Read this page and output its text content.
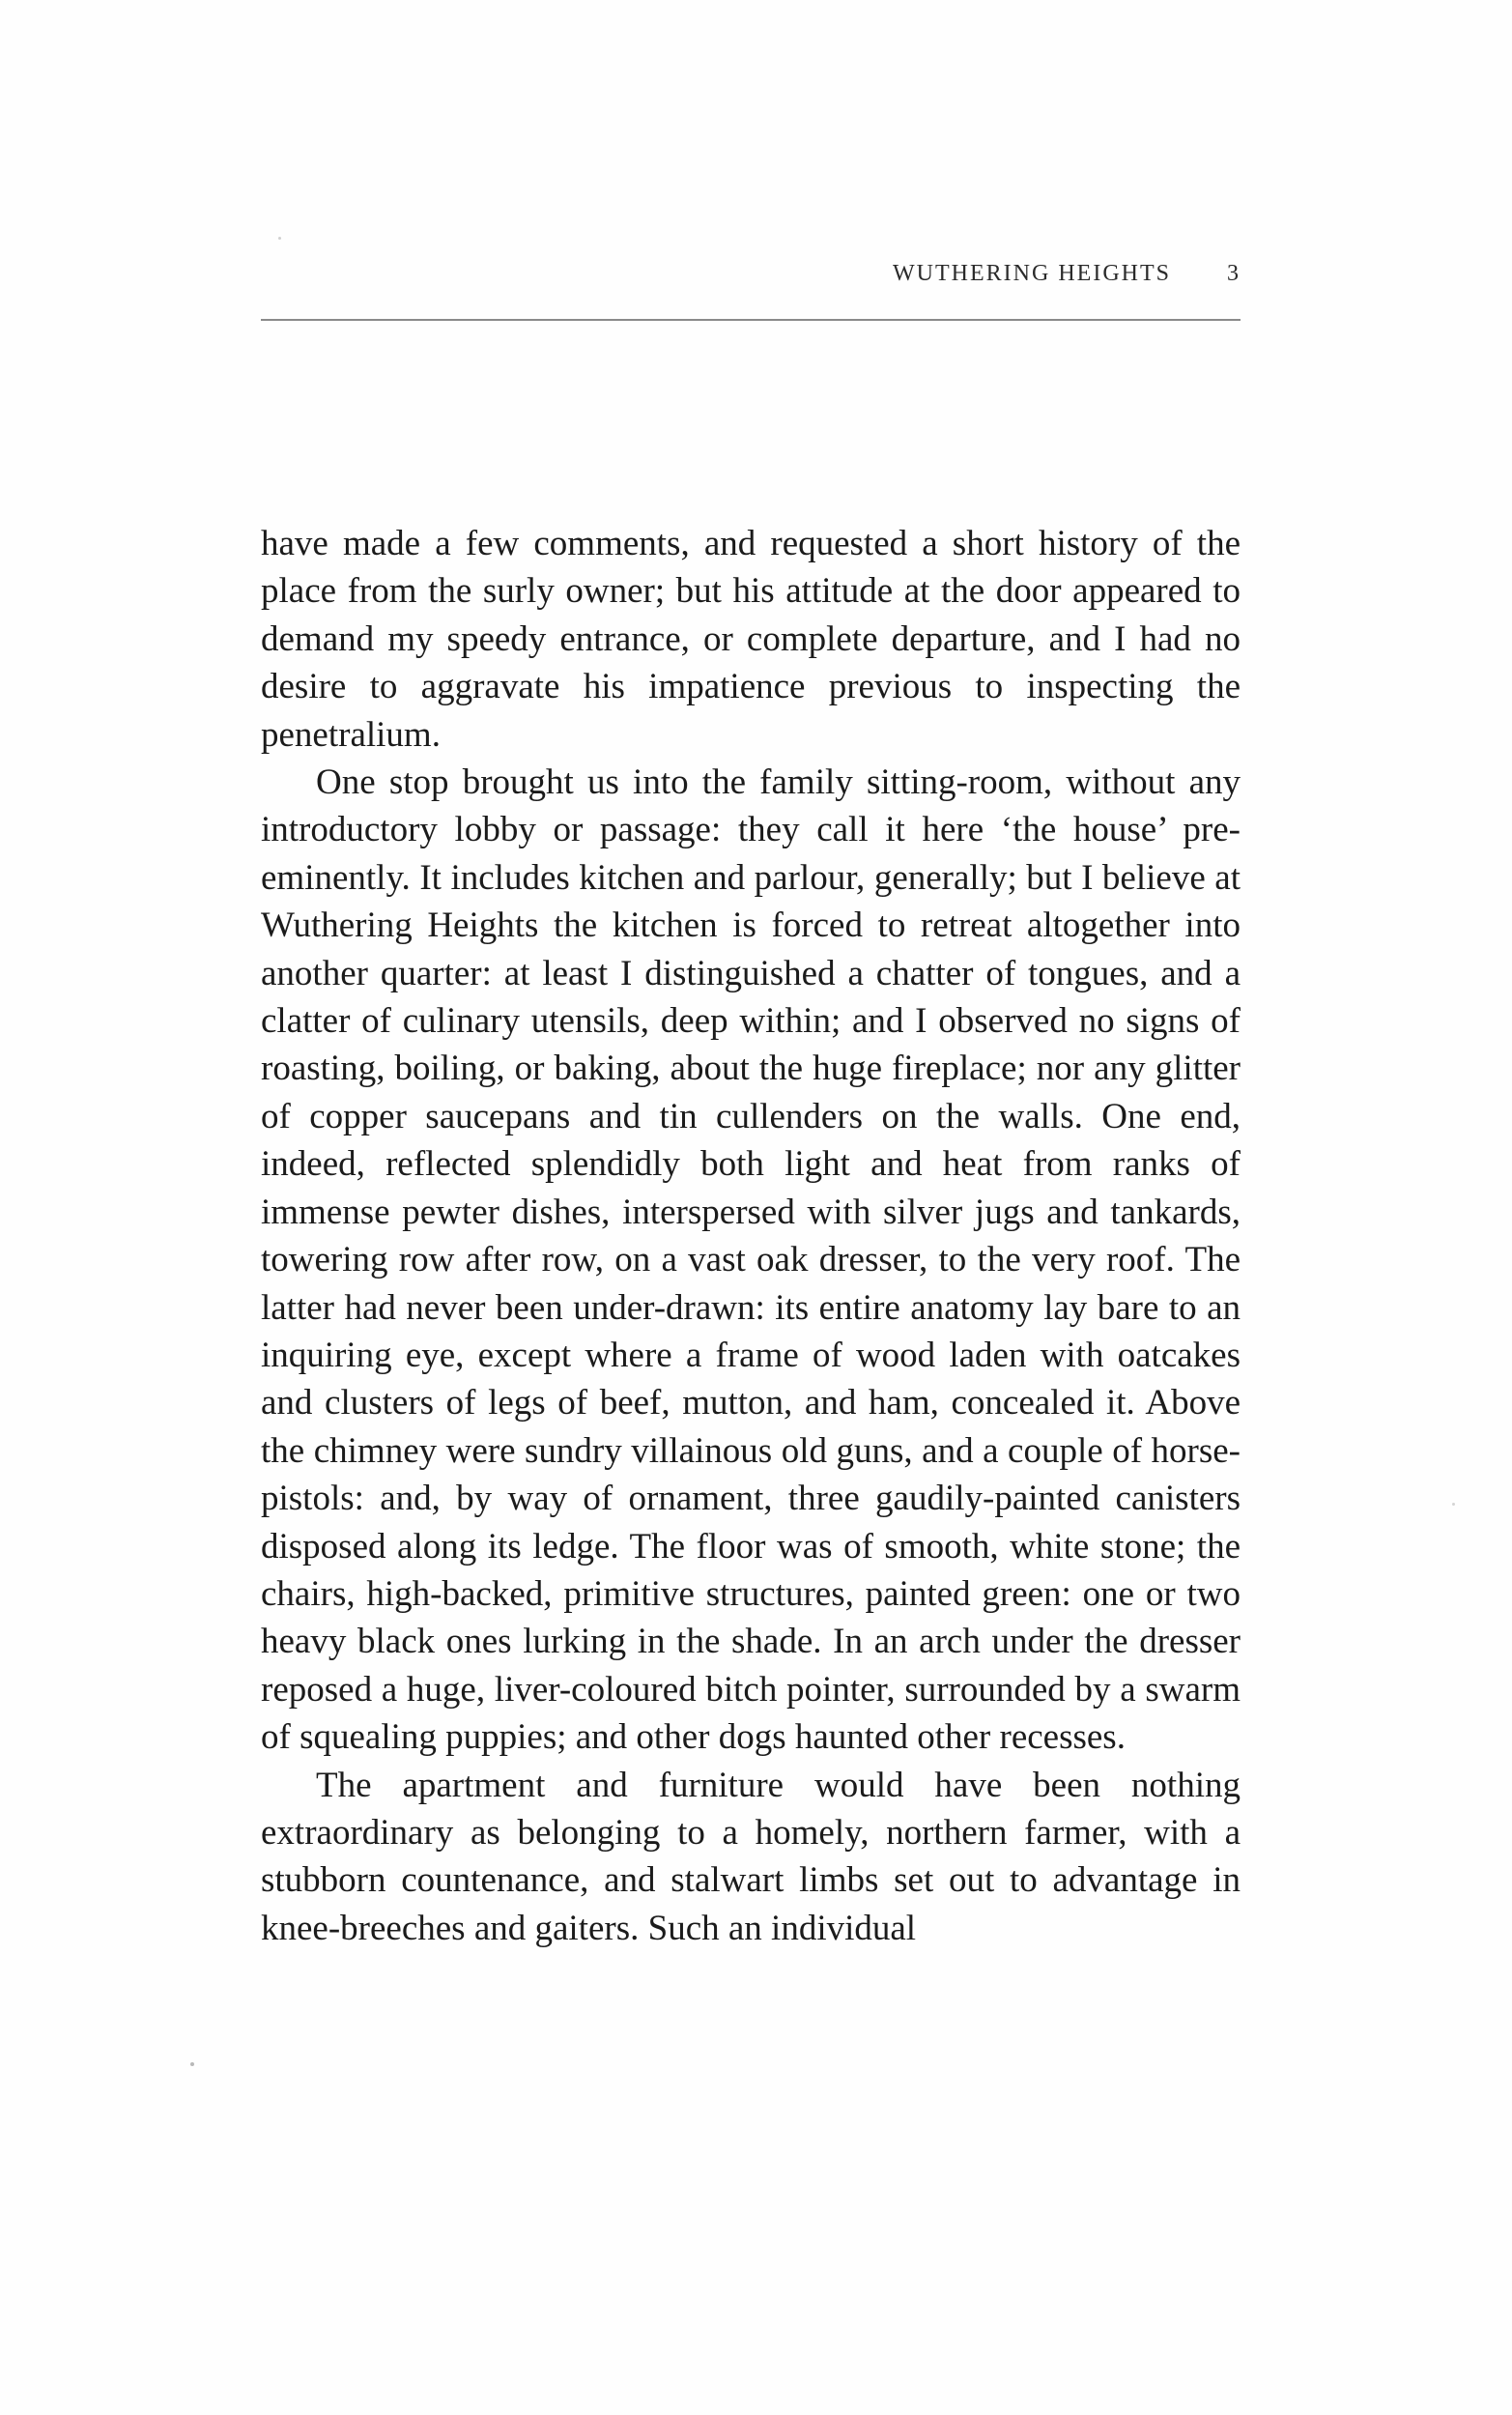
WUTHERING HEIGHTS 3

have made a few comments, and requested a short history of the place from the surly owner; but his attitude at the door appeared to demand my speedy entrance, or complete departure, and I had no desire to aggravate his impatience previous to inspecting the penetralium.

One stop brought us into the family sitting-room, without any introductory lobby or passage: they call it here ‘the house’ pre-eminently. It includes kitchen and parlour, generally; but I believe at Wuthering Heights the kitchen is forced to retreat altogether into another quarter: at least I distinguished a chatter of tongues, and a clatter of culinary utensils, deep within; and I observed no signs of roasting, boiling, or baking, about the huge fireplace; nor any glitter of copper saucepans and tin cullenders on the walls. One end, indeed, reflected splendidly both light and heat from ranks of immense pewter dishes, interspersed with silver jugs and tankards, towering row after row, on a vast oak dresser, to the very roof. The latter had never been under-drawn: its entire anatomy lay bare to an inquiring eye, except where a frame of wood laden with oatcakes and clusters of legs of beef, mutton, and ham, concealed it. Above the chimney were sundry villainous old guns, and a couple of horse-pistols: and, by way of ornament, three gaudily-painted canisters disposed along its ledge. The floor was of smooth, white stone; the chairs, high-backed, primitive structures, painted green: one or two heavy black ones lurking in the shade. In an arch under the dresser reposed a huge, liver-coloured bitch pointer, surrounded by a swarm of squealing puppies; and other dogs haunted other recesses.

The apartment and furniture would have been nothing extraordinary as belonging to a homely, northern farmer, with a stubborn countenance, and stalwart limbs set out to advantage in knee-breeches and gaiters. Such an individual
